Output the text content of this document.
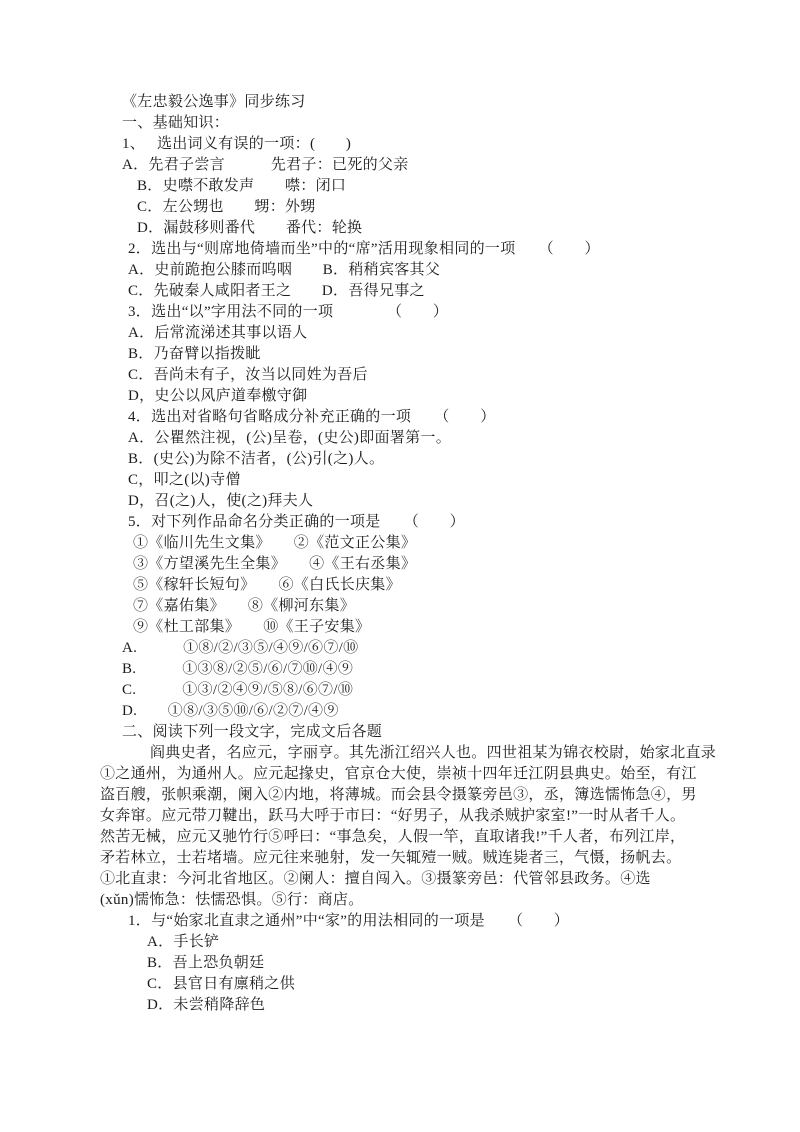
《左忠毅公逸事》同步练习
一、基础知识：
1、　 选出词义有误的一项：(　　)
A．先君子尝言　　　先君子：已死的父亲
B．史噤不敢发声　　噤：闭口
C．左公甥也　　甥：外甥
D．漏鼓移则番代　　番代：轮换
2．选出与“则席地倚墙而坐”中的“席”活用现象相同的一项　　（　　）
A．史前跪抱公膝而呜咽　　B．稍稍宾客其父
C．先破秦人咸阳者王之　　D．吾得兄事之
3．选出“以”字用法不同的一项　　　　（　　）
A．后常流涕述其事以语人
B．乃奋臂以指拨眦
C．吾尚未有子，汝当以同姓为吾后
D，史公以风庐道奉檄守御
4．选出对省略句省略成分补充正确的一项　　（　　）
A．公瞿然注视，(公)呈卷，(史公)即面署第一。
B．(史公)为除不洁者，(公)引(之)人。
C，叩之(以)寺僧
D，召(之)人，使(之)拜夫人
5．对下列作品命名分类正确的一项是　　（　　）
①《临川先生文集》　　②《范文正公集》
③《方望溪先生全集》　　④《王右丞集》
⑤《稼轩长短句》　　⑥《白氏长庆集》
⑦《嘉佑集》　　⑧《柳河东集》
⑨《杜工部集》　　⑩《王子安集》
A.　　　①⑧/②/③⑤/④⑨/⑥⑦/⑩
B.　　　①③⑧/②⑤/⑥/⑦⑩/④⑨
C.　　　①③/②④⑨/⑤⑧/⑥⑦/⑩
D.　　①⑧/③⑤⑩/⑥/②⑦/④⑨
二、阅读下列一段文字，完成文后各题
阎典史者，名应元，字丽亨。其先浙江绍兴人也。四世祖某为锦衣校尉，始家北直录
①之通州，为通州人。应元起掾史，官京仓大使，崇祯十四年迁江阴县典史。始至，有江
盗百艘，张帜乘潮，阑入②内地，将薄城。而会县令摄篆旁邑③，丞，簿选懦怖急④，男
女奔窜。应元带刀鞬出，跃马大呼于市曰：“好男子，从我杀贼护家室!”一时从者千人。
然苦无械，应元又驰竹行⑤呼曰：“事急矣，人假一竿，直取诸我!”千人者，布列江岸，
矛若林立，士若堵墙。应元往来驰射，发一矢辄殪一贼。贼连毙者三，气慑，扬帆去。
①北直隶：今河北省地区。②阑人：擅自闯入。③摄篆旁邑：代管邻县政务。④选
(xǔn)懦怖急：怯懦恐惧。⑤行：商店。
1．与“始家北直隶之通州”中“家”的用法相同的一项是　　（　　）
A．手长铲
B．吾上恐负朝廷
C．县官日有廪稍之供
D．未尝稍降辞色
